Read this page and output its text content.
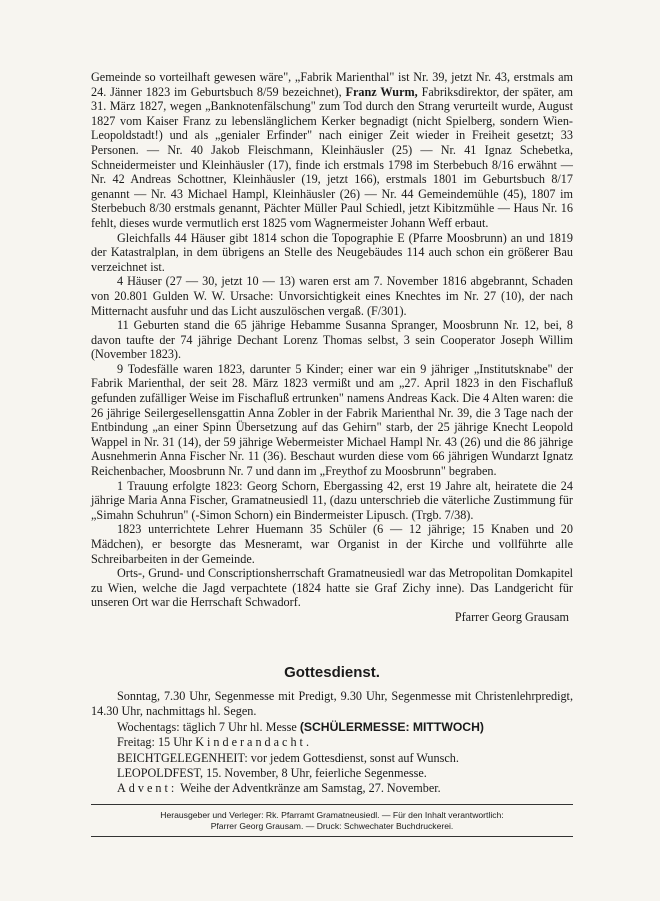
Gemeinde so vorteilhaft gewesen wäre", „Fabrik Marienthal" ist Nr. 39, jetzt Nr. 43, erstmals am 24. Jänner 1823 im Geburtsbuch 8/59 bezeichnet), Franz Wurm, Fabriksdirektor, der später, am 31. März 1827, wegen „Banknotenfälschung" zum Tod durch den Strang verurteilt wurde, August 1827 vom Kaiser Franz zu lebenslänglichem Kerker begnadigt (nicht Spielberg, sondern Wien-Leopoldstadt!) und als „genialer Erfinder" nach einiger Zeit wieder in Freiheit gesetzt; 33 Personen. — Nr. 40 Jakob Fleischmann, Kleinhäusler (25) — Nr. 41 Ignaz Schebetka, Schneidermeister und Kleinhäusler (17), finde ich erstmals 1798 im Sterbebuch 8/16 erwähnt — Nr. 42 Andreas Schottner, Kleinhäusler (19, jetzt 166), erstmals 1801 im Geburtsbuch 8/17 genannt — Nr. 43 Michael Hampl, Kleinhäusler (26) — Nr. 44 Gemeindemühle (45), 1807 im Sterbebuch 8/30 erstmals genannt, Pächter Müller Paul Schiedl, jetzt Kibitzmühle — Haus Nr. 16 fehlt, dieses wurde vermutlich erst 1825 vom Wagnermeister Johann Weff erbaut.

Gleichfalls 44 Häuser gibt 1814 schon die Topographie E (Pfarre Moosbrunn) an und 1819 der Katastralplan, in dem übrigens an Stelle des Neugebäudes 114 auch schon ein größerer Bau verzeichnet ist.

4 Häuser (27 — 30, jetzt 10 — 13) waren erst am 7. November 1816 abgebrannt, Schaden von 20.801 Gulden W. W. Ursache: Unvorsichtigkeit eines Knechtes im Nr. 27 (10), der nach Mitternacht ausfuhr und das Licht auszulöschen vergaß. (F/301).

11 Geburten stand die 65 jährige Hebamme Susanna Spranger, Moosbrunn Nr. 12, bei, 8 davon taufte der 74 jährige Dechant Lorenz Thomas selbst, 3 sein Cooperator Joseph Willim (November 1823).

9 Todesfälle waren 1823, darunter 5 Kinder; einer war ein 9 jähriger „Institutsknabe" der Fabrik Marienthal, der seit 28. März 1823 vermißt und am „27. April 1823 in den Fischafluß gefunden zufälliger Weise im Fischafluß ertrunken" namens Andreas Kack. Die 4 Alten waren: die 26 jährige Seilergesellensgattin Anna Zobler in der Fabrik Marienthal Nr. 39, die 3 Tage nach der Entbindung „an einer Spinn Übersetzung auf das Gehirn" starb, der 25 jährige Knecht Leopold Wappel in Nr. 31 (14), der 59 jährige Webermeister Michael Hampl Nr. 43 (26) und die 86 jährige Ausnehmerin Anna Fischer Nr. 11 (36). Beschaut wurden diese vom 66 jährigen Wundarzt Ignatz Reichenbacher, Moosbrunn Nr. 7 und dann im „Freythof zu Moosbrunn" begraben.

1 Trauung erfolgte 1823: Georg Schorn, Ebergassing 42, erst 19 Jahre alt, heiratete die 24 jährige Maria Anna Fischer, Gramatneusiedl 11, (dazu unterschrieb die väterliche Zustimmung für „Simahn Schuhrun" (-Simon Schorn) ein Bindermeister Lipusch. (Trgb. 7/38).

1823 unterrichtete Lehrer Huemann 35 Schüler (6 — 12 jährige; 15 Knaben und 20 Mädchen), er besorgte das Mesneramt, war Organist in der Kirche und vollführte alle Schreibarbeiten in der Gemeinde.

Orts-, Grund- und Conscriptionsherrschaft Gramatneusiedl war das Metropolitan Domkapitel zu Wien, welche die Jagd verpachtete (1824 hatte sie Graf Zichy inne). Das Landgericht für unseren Ort war die Herrschaft Schwadorf.

Pfarrer Georg Grausam

Gottesdienst.

Sonntag, 7.30 Uhr, Segenmesse mit Predigt, 9.30 Uhr, Segenmesse mit Christenlehrpredigt, 14.30 Uhr, nachmittags hl. Segen.

Wochentags: täglich 7 Uhr hl. Messe (SCHÜLERMESSE: MITTWOCH)

Freitag: 15 Uhr Kinderandacht.

BEICHTGELEGENHEIT: vor jedem Gottesdienst, sonst auf Wunsch.

LEOPOLDFEST, 15. November, 8 Uhr, feierliche Segenmesse.

Advent: Weihe der Adventkränze am Samstag, 27. November.

Herausgeber und Verleger: Rk. Pfarramt Gramatneusiedl. — Für den Inhalt verantwortlich:
Pfarrer Georg Grausam. — Druck: Schwechater Buchdruckerei.
